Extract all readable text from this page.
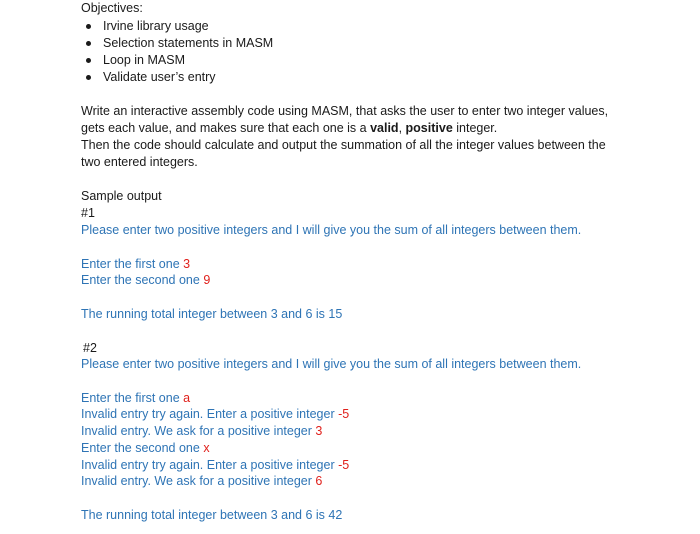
Objectives:
Irvine library usage
Selection statements in MASM
Loop in MASM
Validate user’s entry
Write an interactive assembly code using MASM, that asks the user to enter two integer values,
gets each value, and makes sure that each one is a valid, positive integer.
Then the code should calculate and output the summation of all the integer values between the
two entered integers.
Sample output
#1
Please enter two positive integers and I will give you the sum of all integers between them.
Enter the first one 3
Enter the second one 9
The running total integer between 3 and 6 is 15
#2
Please enter two positive integers and I will give you the sum of all integers between them.
Enter the first one a
Invalid entry try again. Enter a positive integer -5
Invalid entry. We ask for a positive integer 3
Enter the second one x
Invalid entry try again. Enter a positive integer -5
Invalid entry. We ask for a positive integer 6
The running total integer between 3 and 6 is 42
